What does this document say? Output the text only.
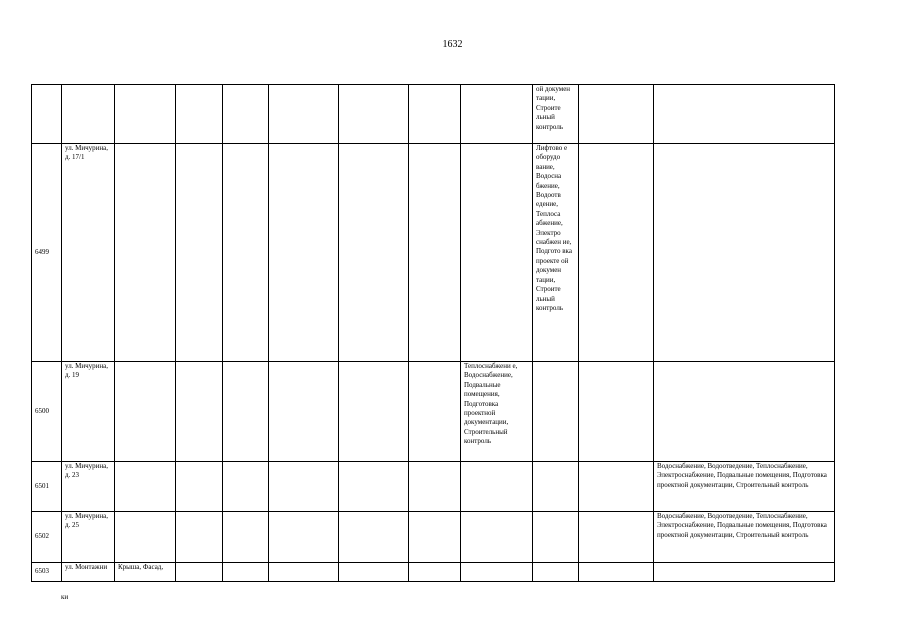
1632
									ой докумен тации, Строите льный контроль		
6499	ул. Мичурина, д. 17/1								Лифтово е оборудо вание, Водосна бжение, Водоотв едение, Теплоса абжение, Электро снабжен ие, Подгото вка проекте ой докумен тации, Строите льный контроль		
6500	ул. Мичурина, д. 19							Теплоснабжени е, Водоснабжение, Подвальные помещения, Подготовка проектной документации, Строительный контроль			
6501	ул. Мичурина, д. 23										Водоснабжение, Водоотведение, Теплоснабжение, Электроснабжение, Подвальные помещения, Подготовка проектной документации, Строительный контроль
6502	ул. Мичурина, д. 25										Водоснабжение, Водоотведение, Теплоснабжение, Электроснабжение, Подвальные помещения, Подготовка проектной документации, Строительный контроль
6503	ул. Монтажни	Крыша, Фасад,									
ки
